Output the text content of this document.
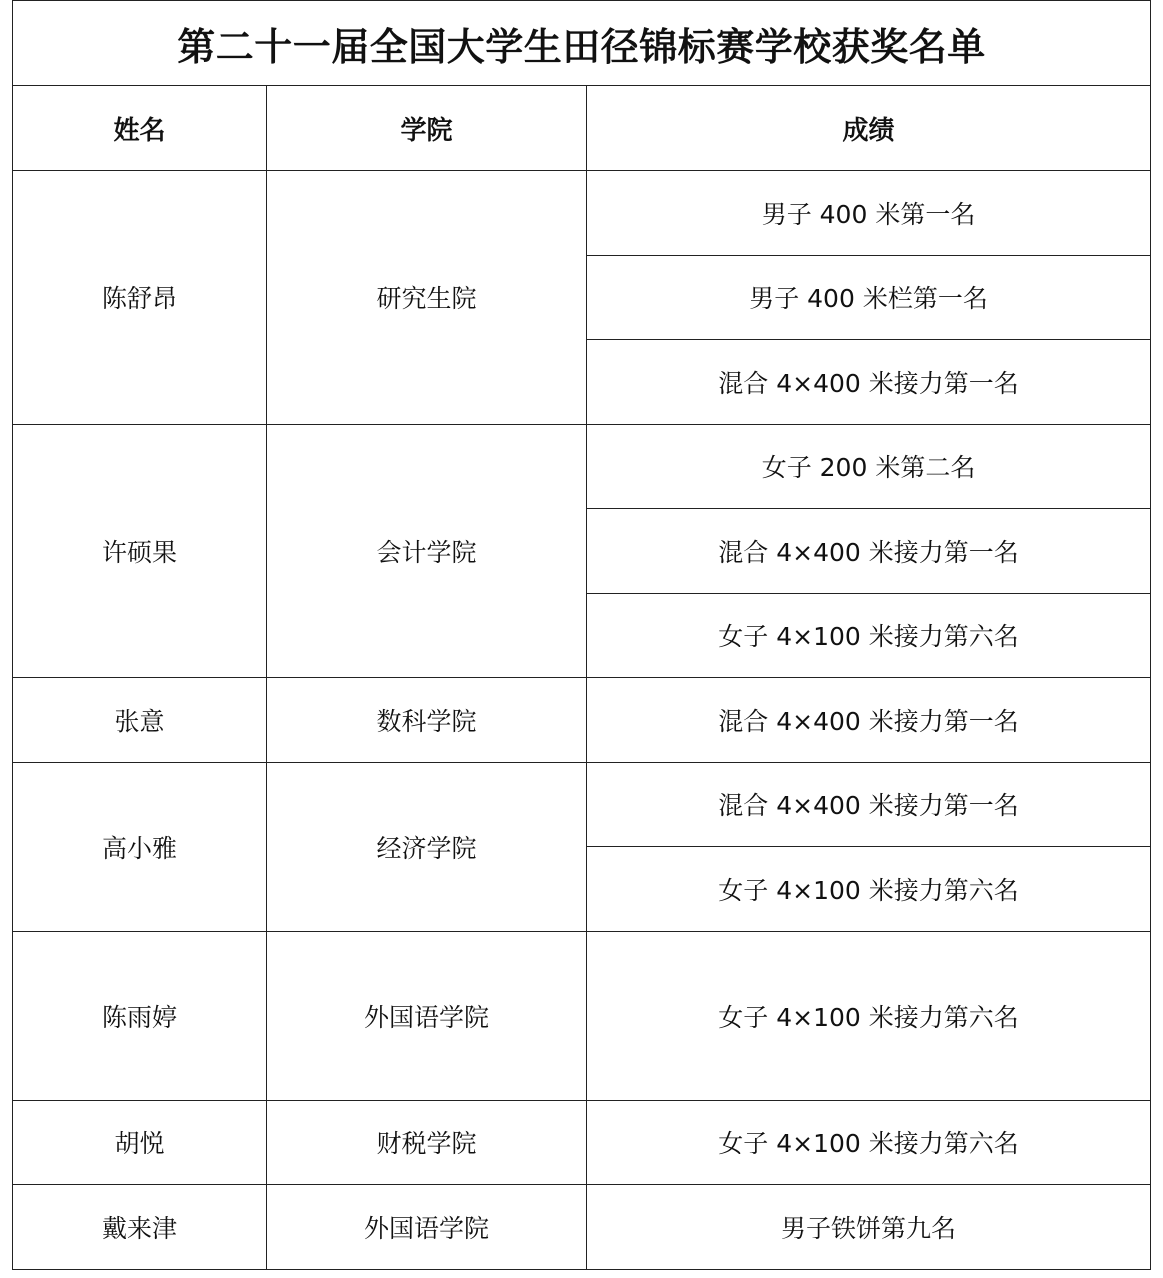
第二十一届全国大学生田径锦标赛学校获奖名单		
姓名	学院	成绩
陈舒昂	研究生院	男子 400 米第一名
		男子 400 米栏第一名
		混合 4×400 米接力第一名
许硕果	会计学院	女子 200 米第二名
		混合 4×400 米接力第一名
		女子 4×100 米接力第六名
张意	数科学院	混合 4×400 米接力第一名
高小雅	经济学院	混合 4×400 米接力第一名
		女子 4×100 米接力第六名
陈雨婷	外国语学院	女子 4×100 米接力第六名
胡悦	财税学院	女子 4×100 米接力第六名
戴来津	外国语学院	男子铁饼第九名
